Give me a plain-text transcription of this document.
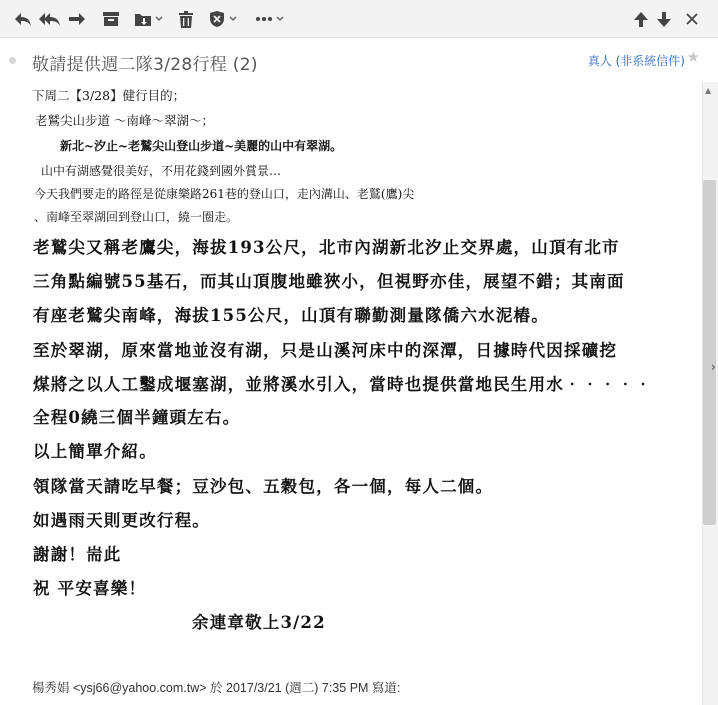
敬請提供週二隊3/28行程 (2)	真人 (非系統信件) ★
下周二【3/28】健行目的；
老鷲尖山步道 ～南峰～翠湖～；
新北~汐止~老鷲尖山登山步道~美麗的山中有翠湖。
山中有湖感覺很美好，不用花錢到國外賞景…
今天我們要走的路徑是從康樂路261巷的登山口，走內溝山、老鷲(鷹)尖
、南峰至翠湖回到登山口，繞一圈走。
老鷲尖又稱老鷹尖，海拔193公尺，北市內湖新北汐止交界處，山頂有北市
三角點編號55基石，而其山頂腹地雖狹小，但視野亦佳，展望不錯；其南面
有座老鷲尖南峰，海拔155公尺，山頂有聯勤測量隊僑六水泥樁。
至於翠湖，原來當地並沒有湖，只是山溪河床中的深潭，日據時代因採礦挖
煤將之以人工鑿成堰塞湖，並將溪水引入，當時也提供當地民生用水‧‧‧‧‧
全程0繞三個半鐘頭左右。
以上簡單介紹。
領隊當天請吃早餐；豆沙包、五穀包，各一個，每人二個。
如遇雨天則更改行程。
謝謝！耑此
祝 平安喜樂！
余連章敬上3/22
楊秀娟 <ysj66@yahoo.com.tw> 於 2017/3/21 (週二) 7:35 PM 寫道:
▲
›
